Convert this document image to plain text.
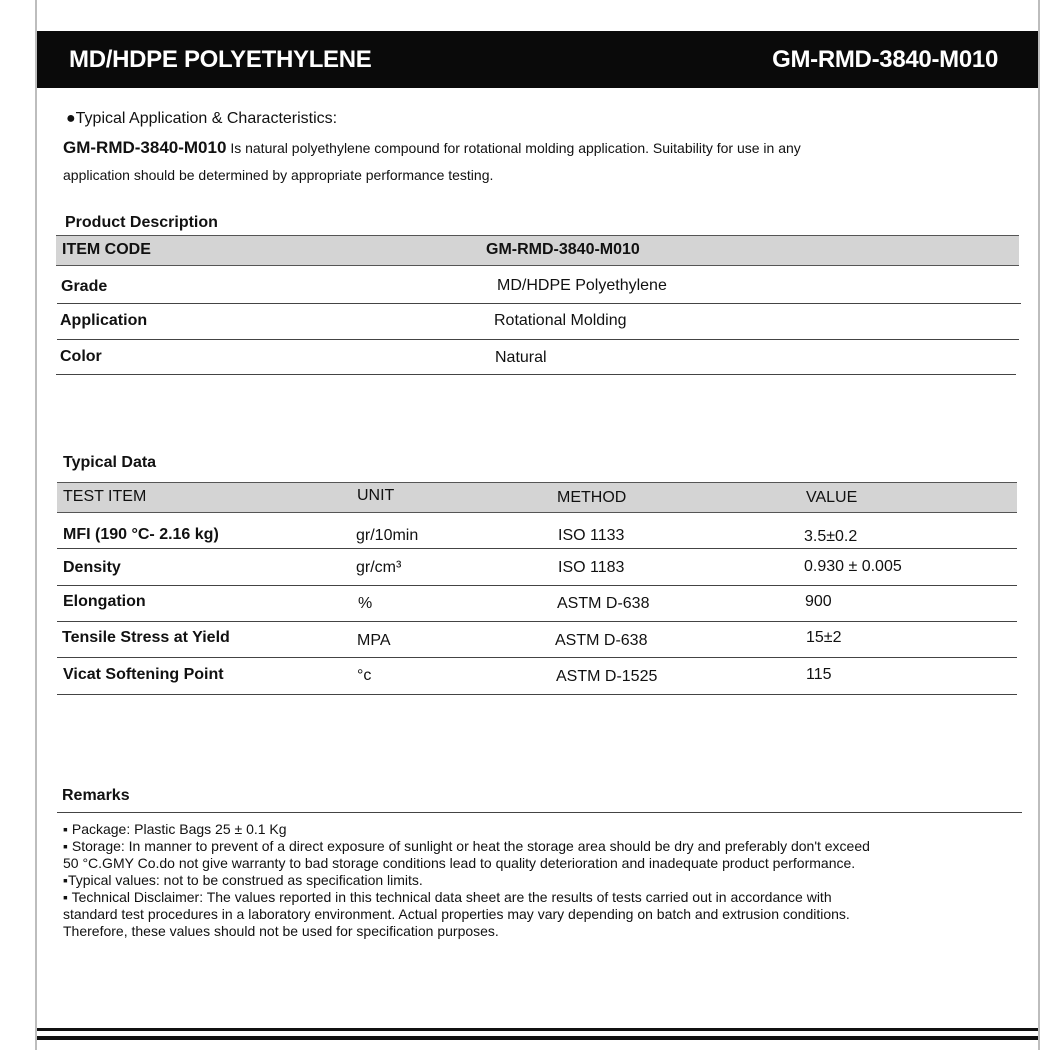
MD/HDPE POLYETHYLENE	GM-RMD-3840-M010
●Typical Application & Characteristics:
GM-RMD-3840-M010 Is natural polyethylene compound for rotational molding application. Suitability for use in any
application should be determined by appropriate performance testing.
Product Description
ITEM CODE	GM-RMD-3840-M010
Grade	MD/HDPE Polyethylene
Application	Rotational Molding
Color	Natural
Typical Data
TEST ITEM	UNIT	METHOD	VALUE
MFI (190 °C- 2.16 kg)	gr/10min	ISO 1133	3.5±0.2
Density	gr/cm³	ISO 1183	0.930 ± 0.005
Elongation	%	ASTM D-638	900
Tensile Stress at Yield	MPA	ASTM D-638	15±2
Vicat Softening Point	°c	ASTM D-1525	115
Remarks
▪ Package: Plastic Bags 25 ± 0.1 Kg
▪ Storage: In manner to prevent of a direct exposure of sunlight or heat the storage area should be dry and preferably don't exceed
50 °C.GMY Co.do not give warranty to bad storage conditions lead to quality deterioration and inadequate product performance.
▪Typical values: not to be construed as specification limits.
▪ Technical Disclaimer: The values reported in this technical data sheet are the results of tests carried out in accordance with
standard test procedures in a laboratory environment. Actual properties may vary depending on batch and extrusion conditions.
Therefore, these values should not be used for specification purposes.
